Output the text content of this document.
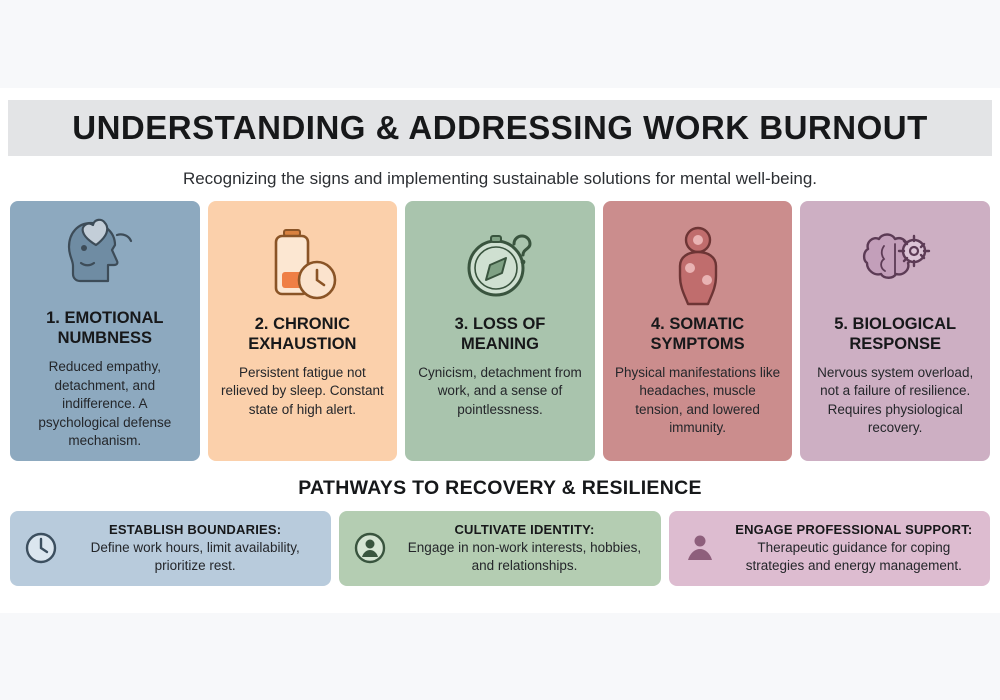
UNDERSTANDING & ADDRESSING WORK BURNOUT
Recognizing the signs and implementing sustainable solutions for mental well-being.
1. EMOTIONAL NUMBNESS
Reduced empathy, detachment, and indifference. A psychological defense mechanism.
2. CHRONIC EXHAUSTION
Persistent fatigue not relieved by sleep. Constant state of high alert.
3. LOSS OF MEANING
Cynicism, detachment from work, and a sense of pointlessness.
4. SOMATIC SYMPTOMS
Physical manifestations like headaches, muscle tension, and lowered immunity.
5. BIOLOGICAL RESPONSE
Nervous system overload, not a failure of resilience. Requires physiological recovery.
PATHWAYS TO RECOVERY & RESILIENCE
ESTABLISH BOUNDARIES:
Define work hours, limit availability, prioritize rest.
CULTIVATE IDENTITY:
Engage in non-work interests, hobbies, and relationships.
ENGAGE PROFESSIONAL SUPPORT:
Therapeutic guidance for coping strategies and energy management.
